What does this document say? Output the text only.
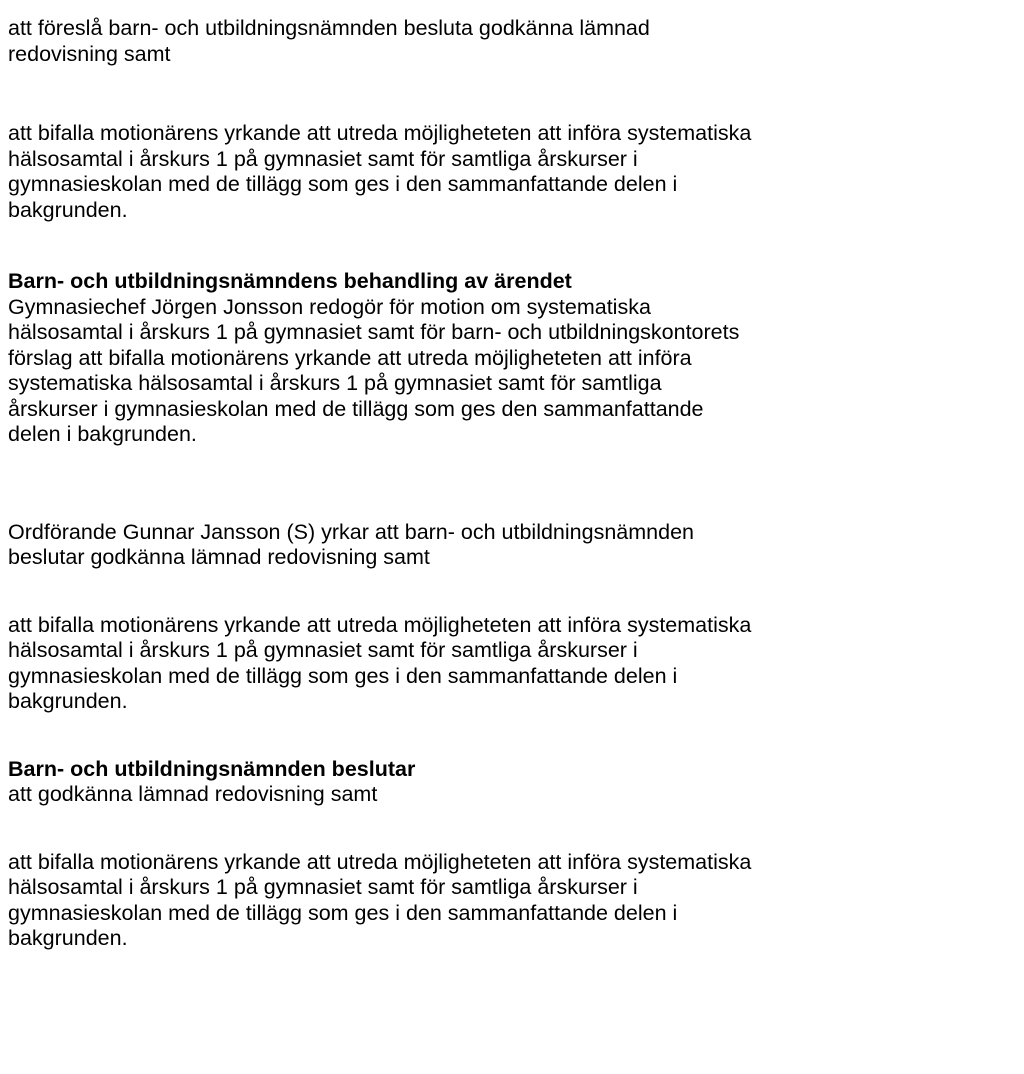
att föreslå barn- och utbildningsnämnden besluta godkänna lämnad
redovisning samt

att bifalla motionärens yrkande att utreda möjligheteten att införa systematiska
hälsosamtal i årskurs 1 på gymnasiet samt för samtliga årskurser i
gymnasieskolan med de tillägg som ges i den sammanfattande delen i
bakgrunden.

Barn- och utbildningsnämndens behandling av ärendet

Gymnasiechef Jörgen Jonsson redogör för motion om systematiska
hälsosamtal i årskurs 1 på gymnasiet samt för barn- och utbildningskontorets
förslag att bifalla motionärens yrkande att utreda möjligheteten att införa
systematiska hälsosamtal i årskurs 1 på gymnasiet samt för samtliga
årskurser i gymnasieskolan med de tillägg som ges den sammanfattande
delen i bakgrunden.

Ordförande Gunnar Jansson (S) yrkar att barn- och utbildningsnämnden
beslutar godkänna lämnad redovisning samt

att bifalla motionärens yrkande att utreda möjligheteten att införa systematiska
hälsosamtal i årskurs 1 på gymnasiet samt för samtliga årskurser i
gymnasieskolan med de tillägg som ges i den sammanfattande delen i
bakgrunden.

Barn- och utbildningsnämnden beslutar

att godkänna lämnad redovisning samt

att bifalla motionärens yrkande att utreda möjligheteten att införa systematiska
hälsosamtal i årskurs 1 på gymnasiet samt för samtliga årskurser i
gymnasieskolan med de tillägg som ges i den sammanfattande delen i
bakgrunden.
